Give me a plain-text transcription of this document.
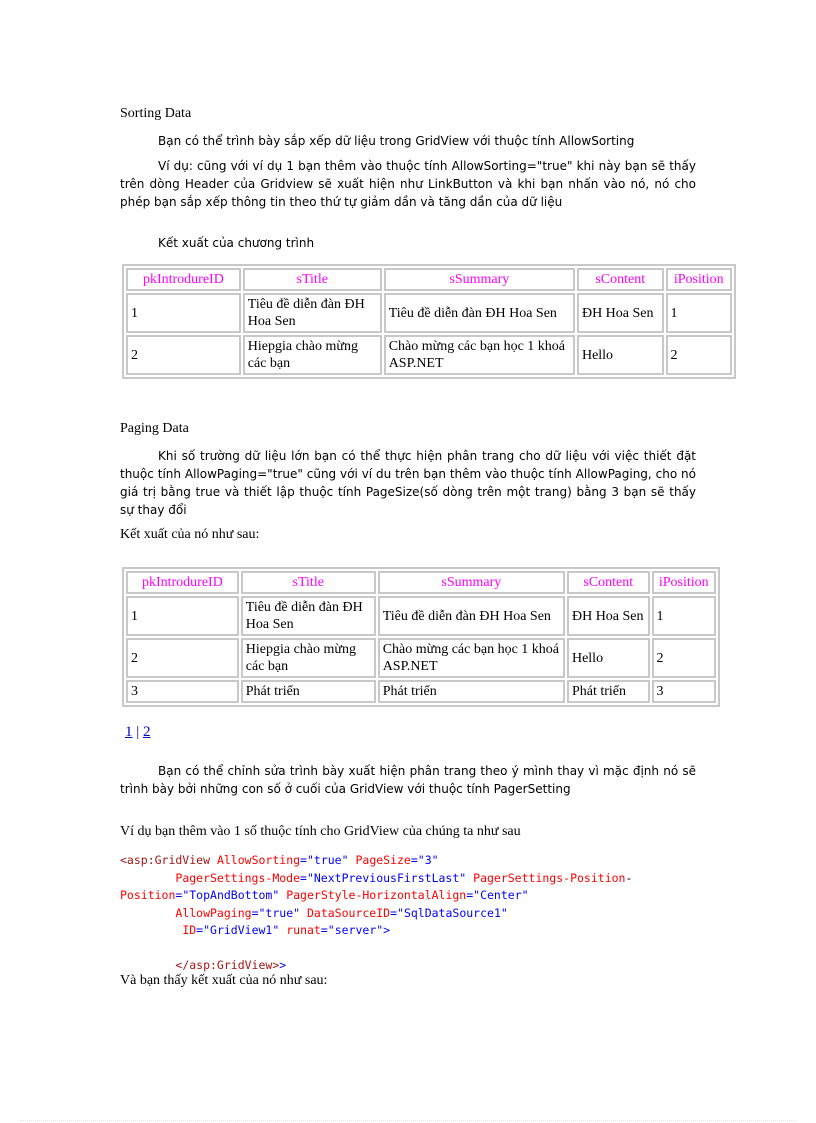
Sorting Data

Bạn có thể trình bày sắp xếp dữ liệu trong GridView với thuộc tính AllowSorting

Ví dụ: cũng với ví dụ 1 bạn thêm vào thuộc tính AllowSorting="true" khi này bạn sẽ thấy trên dòng Header của Gridview sẽ xuất hiện như LinkButton và khi bạn nhấn vào nó, nó cho phép bạn sắp xếp thông tin theo thứ tự giảm dần và tăng dần của dữ liệu

Kết xuất của chương trình
pkIntrodureID	sTitle	sSummary	sContent	iPosition
1	Tiêu đề diễn đàn ĐH Hoa Sen	Tiêu đề diễn đàn ĐH Hoa Sen	ĐH Hoa Sen	1
2	Hiepgia chào mừng các bạn	Chào mừng các bạn học 1 khoá ASP.NET	Hello	2
Paging Data

Khi số trường dữ liệu lớn bạn có thể thực hiện phân trang cho dữ liệu với việc thiết đặt thuộc tính AllowPaging="true" cũng với ví du trên bạn thêm vào thuộc tính AllowPaging, cho nó giá trị bằng true và thiết lập thuộc tính PageSize(số dòng trên một trang) bằng 3 bạn sẽ thấy sự thay đổi

Kết xuất của nó như sau:
pkIntrodureID	sTitle	sSummary	sContent	iPosition
1	Tiêu đề diễn đàn ĐH Hoa Sen	Tiêu đề diễn đàn ĐH Hoa Sen	ĐH Hoa Sen	1
2	Hiepgia chào mừng các bạn	Chào mừng các bạn học 1 khoá ASP.NET	Hello	2
3	Phát triển	Phát triển	Phát triển	3
1 | 2

Bạn có thể chỉnh sửa trình bày xuất hiện phân trang theo ý mình thay vì mặc định nó sẽ trình bày bởi những con số ở cuối của GridView với thuộc tính PagerSetting

Ví dụ bạn thêm vào 1 số thuộc tính cho GridView của chúng ta như sau
<asp:GridView AllowSorting="true" PageSize="3"
PagerSettings-Mode="NextPreviousFirstLast" PagerSettings-Position-
Position="TopAndBottom" PagerStyle-HorizontalAlign="Center"
AllowPaging="true" DataSourceID="SqlDataSource1"
ID="GridView1" runat="server">

</asp:GridView>>
Và bạn thấy kết xuất của nó như sau:
